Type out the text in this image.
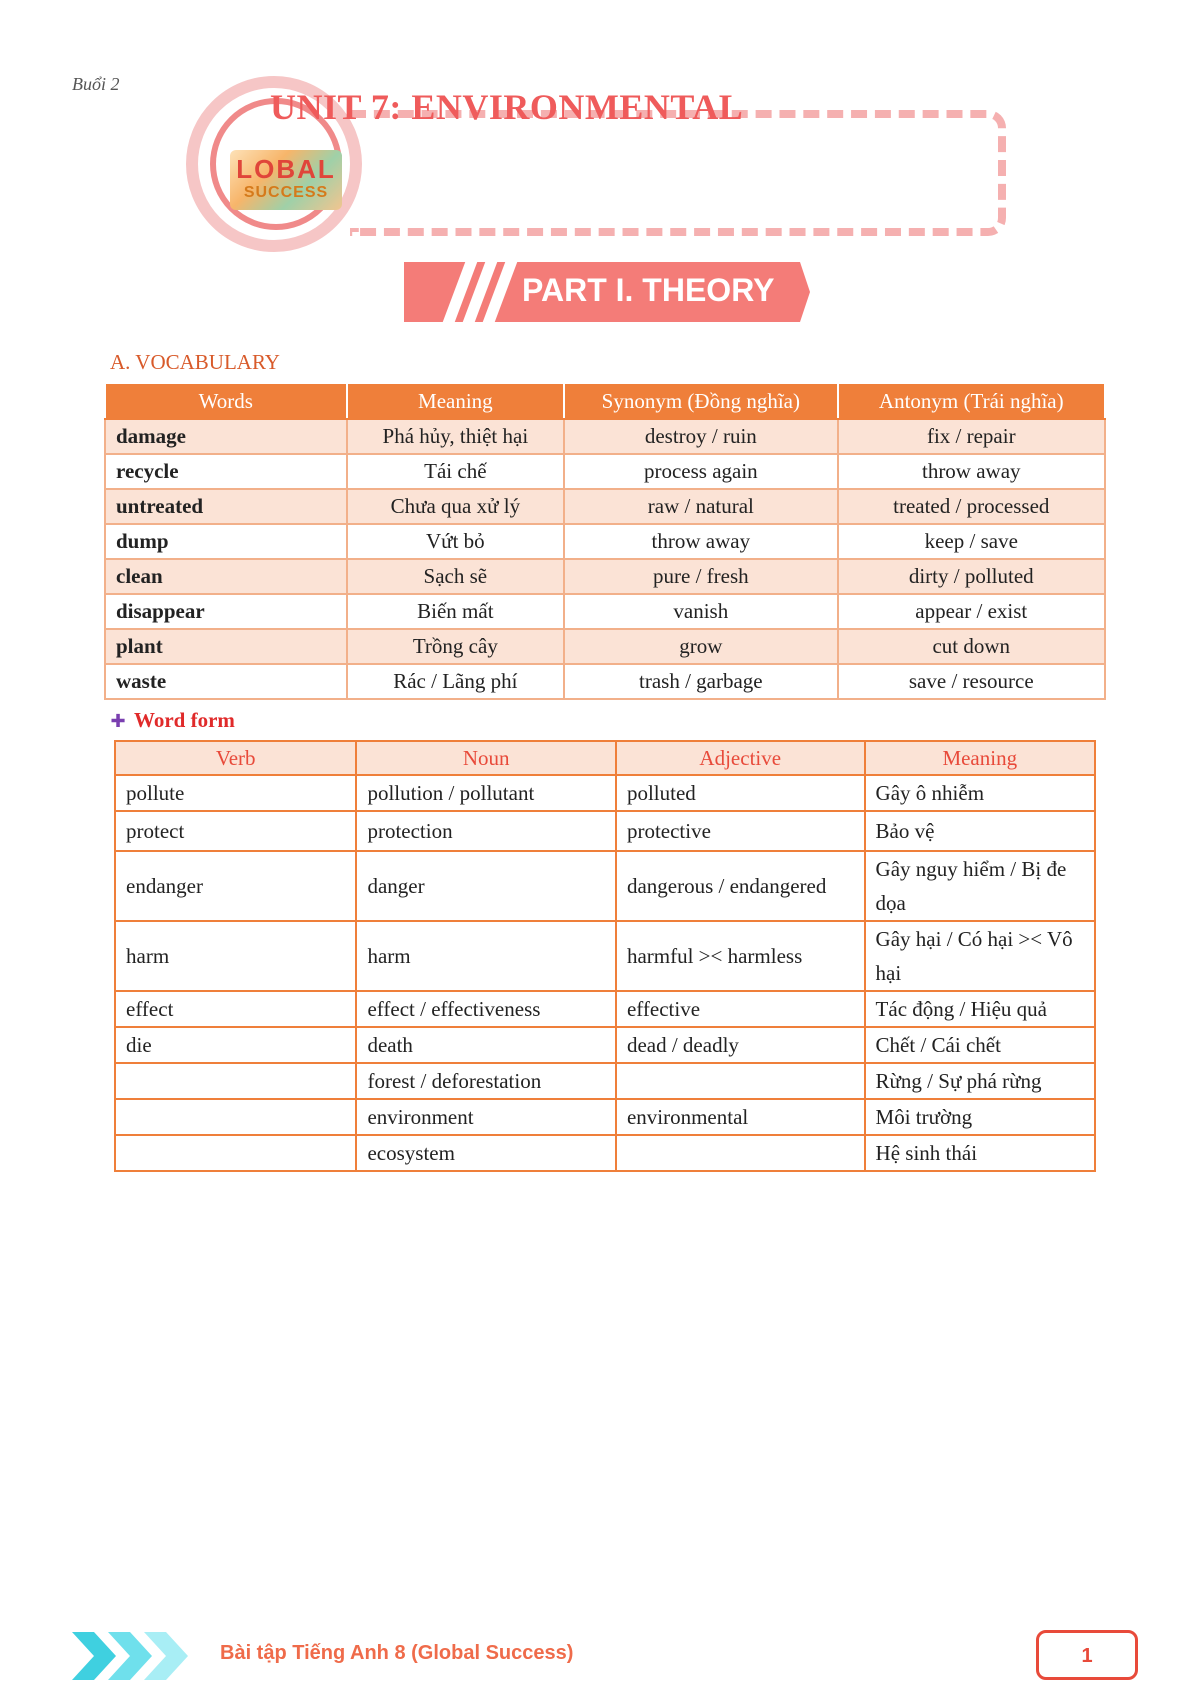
Buổi 2
LOBAL
SUCCESS
UNIT 7: ENVIRONMENTAL
PART I. THEORY
A. VOCABULARY
Words	Meaning	Synonym (Đồng nghĩa)	Antonym (Trái nghĩa)
damage	Phá hủy, thiệt hại	destroy / ruin	fix / repair
recycle	Tái chế	process again	throw away
untreated	Chưa qua xử lý	raw / natural	treated / processed
dump	Vứt bỏ	throw away	keep / save
clean	Sạch sẽ	pure / fresh	dirty / polluted
disappear	Biến mất	vanish	appear / exist
plant	Trồng cây	grow	cut down
waste	Rác / Lãng phí	trash / garbage	save / resource
✚ Word form
Verb	Noun	Adjective	Meaning
pollute	pollution / pollutant	polluted	Gây ô nhiễm
protect	protection	protective	Bảo vệ
endanger	danger	dangerous / endangered	Gây nguy hiểm / Bị đe dọa
harm	harm	harmful >< harmless	Gây hại / Có hại >< Vô hại
effect	effect / effectiveness	effective	Tác động / Hiệu quả
die	death	dead / deadly	Chết / Cái chết
	forest / deforestation		Rừng / Sự phá rừng
	environment	environmental	Môi trường
	ecosystem		Hệ sinh thái
Bài tập Tiếng Anh 8 (Global Success)	1
